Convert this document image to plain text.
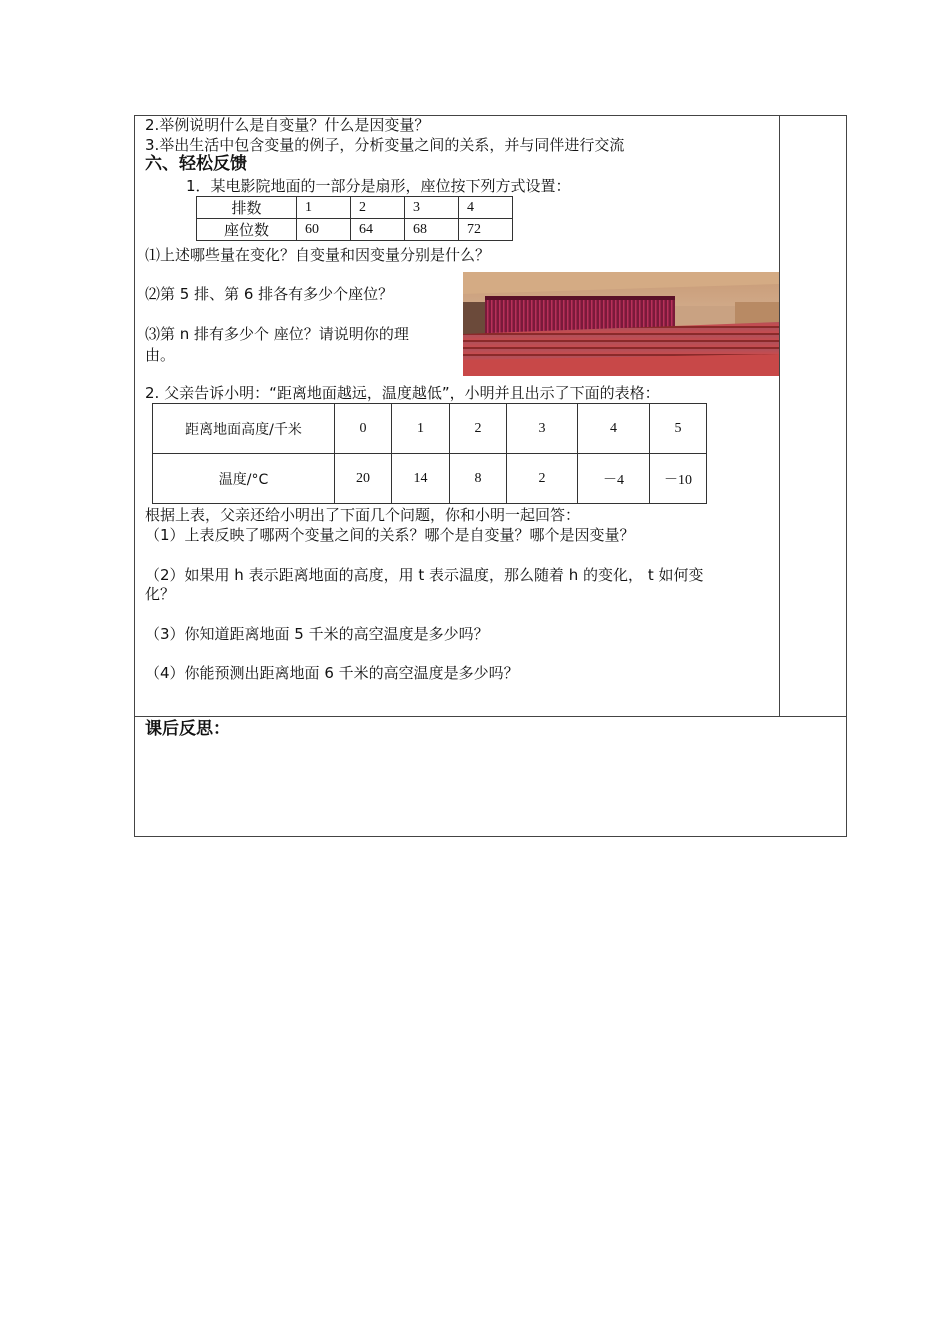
2.举例说明什么是自变量？什么是因变量？
3.举出生活中包含变量的例子，分析变量之间的关系，并与同伴进行交流
六、轻松反馈
1．某电影院地面的一部分是扇形，座位按下列方式设置：
排数	1	2	3	4
座位数	60	64	68	72
⑴上述哪些量在变化？自变量和因变量分别是什么？
⑵第 5 排、第 6 排各有多少个座位？
⑶第 n 排有多少个 座位？请说明你的理
由。
2. 父亲告诉小明：“距离地面越远，温度越低”，小明并且出示了下面的表格：
距离地面高度/千米	0	1	2	3	4	5
温度/°C	20	14	8	2	－4	－10
根据上表，父亲还给小明出了下面几个问题，你和小明一起回答：
（1）上表反映了哪两个变量之间的关系？哪个是自变量？哪个是因变量？
（2）如果用 h 表示距离地面的高度，用 t 表示温度，那么随着 h 的变化， t 如何变
化？
（3）你知道距离地面 5 千米的高空温度是多少吗？
（4）你能预测出距离地面 6 千米的高空温度是多少吗？
课后反思：
